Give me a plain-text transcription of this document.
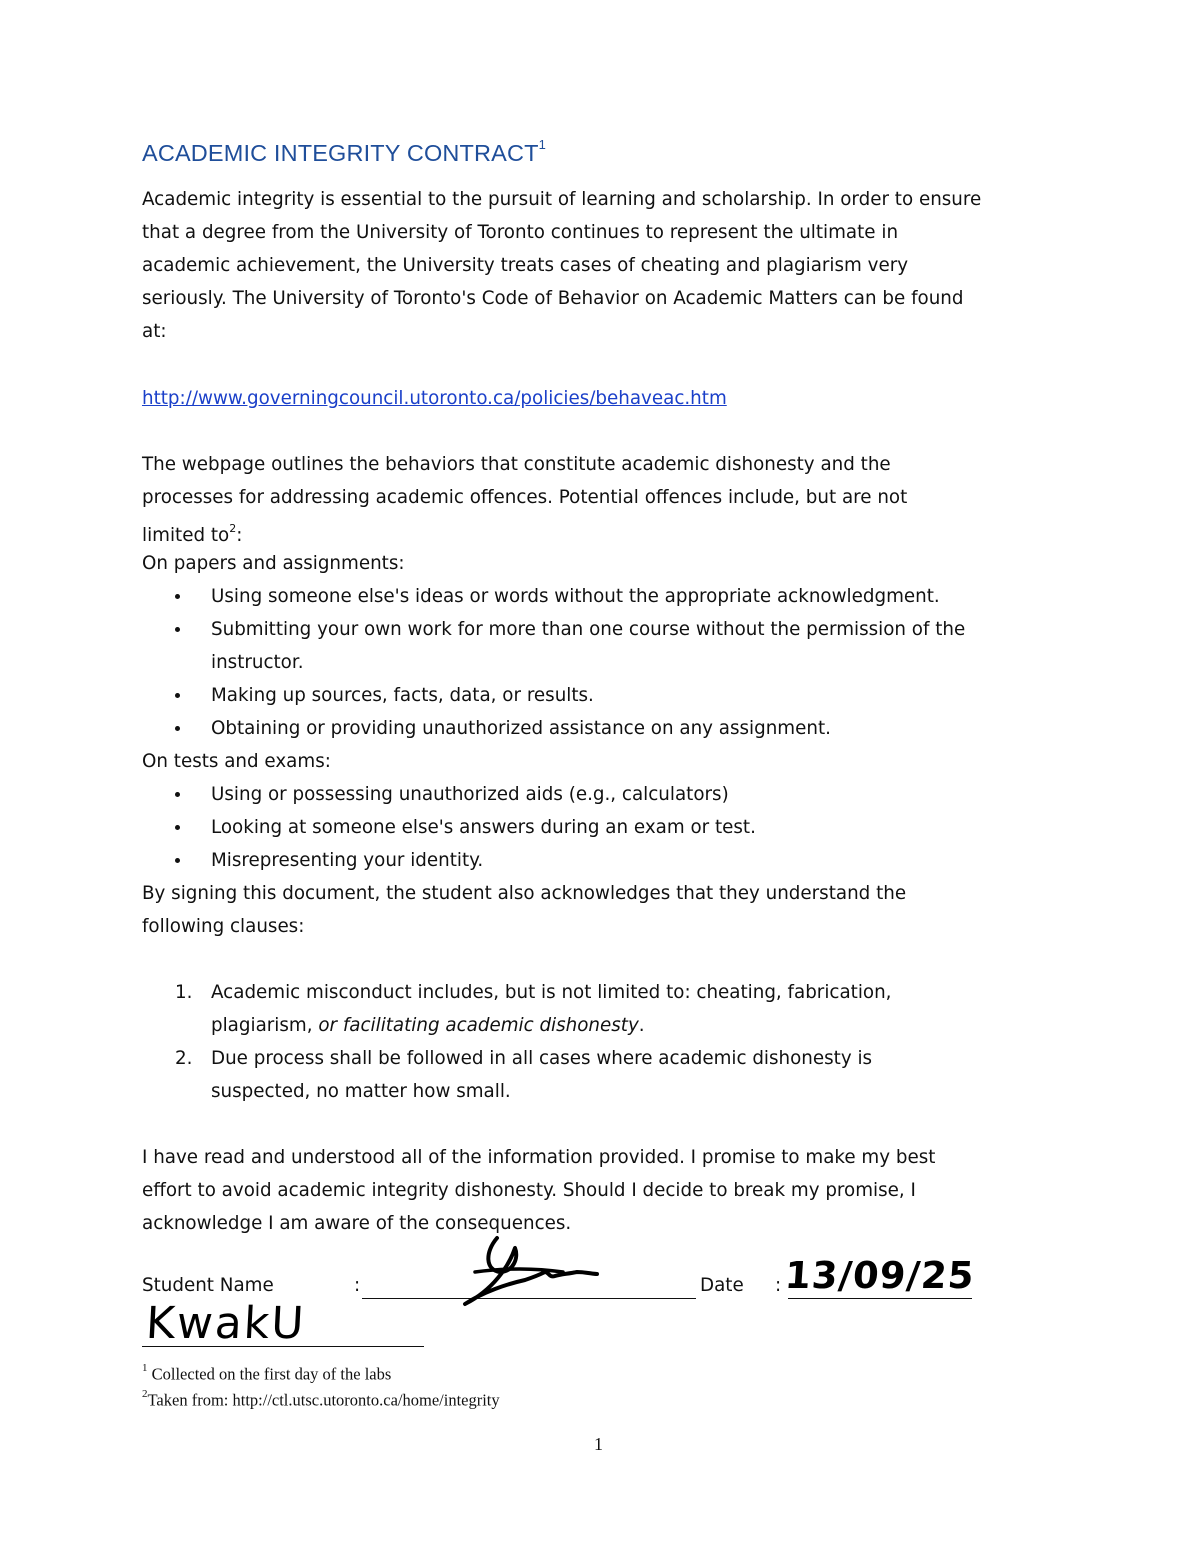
ACADEMIC INTEGRITY CONTRACT$^1$
Academic integrity is essential to the pursuit of learning and scholarship. In order to ensure
that a degree from the University of Toronto continues to represent the ultimate in
academic achievement, the University treats cases of cheating and plagiarism very
seriously. The University of Toronto's Code of Behavior on Academic Matters can be found
at:
http://www.governingcouncil.utoronto.ca/policies/behaveac.htm
The webpage outlines the behaviors that constitute academic dishonesty and the
processes for addressing academic offences. Potential offences include, but are not
limited $to^2$:
On papers and assignments:
Using someone else's ideas or words without the appropriate acknowledgment.
Submitting your own work for more than one course without the permission of the
instructor.
Making up sources, facts, data, or results.
Obtaining or providing unauthorized assistance on any assignment.
On tests and exams:
Using or possessing unauthorized aids (e.g., calculators)
Looking at someone else's answers during an exam or test.
Misrepresenting your identity.
By signing this document, the student also acknowledges that they understand the
following clauses:
1. Academic misconduct includes, but is not limited to: cheating, fabrication,
plagiarism, or facilitating academic dishonesty.
2. Due process shall be followed in all cases where academic dishonesty is
suspected, no matter how small.
I have read and understood all of the information provided. I promise to make my best
effort to avoid academic integrity dishonesty. Should I decide to break my promise, I
acknowledge I am aware of the consequences.
Student Name	:	Date : 13/09/25
KwakU
$^1$ Collected on the first day of the labs
$^2$Taken from: http://ctl.utsc.utoronto.ca/home/integrity
1
